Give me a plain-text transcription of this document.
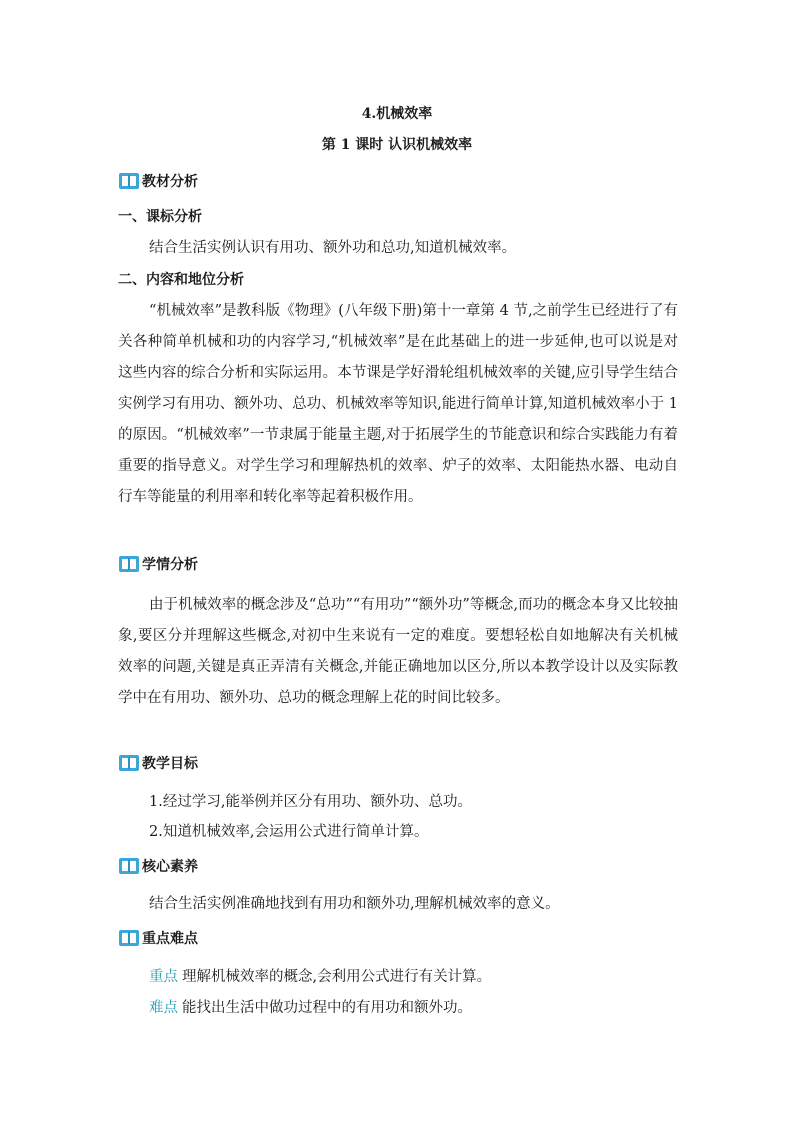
4.机械效率
第 1 课时 认识机械效率
教材分析
一、课标分析
结合生活实例认识有用功、额外功和总功,知道机械效率。
二、内容和地位分析
“机械效率”是教科版《物理》(八年级下册)第十一章第 4 节,之前学生已经进行了有关各种简单机械和功的内容学习,“机械效率”是在此基础上的进一步延伸,也可以说是对这些内容的综合分析和实际运用。本节课是学好滑轮组机械效率的关键,应引导学生结合实例学习有用功、额外功、总功、机械效率等知识,能进行简单计算,知道机械效率小于 1 的原因。“机械效率”一节隶属于能量主题,对于拓展学生的节能意识和综合实践能力有着重要的指导意义。对学生学习和理解热机的效率、炉子的效率、太阳能热水器、电动自行车等能量的利用率和转化率等起着积极作用。
学情分析
由于机械效率的概念涉及“总功”“有用功”“额外功”等概念,而功的概念本身又比较抽象,要区分并理解这些概念,对初中生来说有一定的难度。要想轻松自如地解决有关机械效率的问题,关键是真正弄清有关概念,并能正确地加以区分,所以本教学设计以及实际教学中在有用功、额外功、总功的概念理解上花的时间比较多。
教学目标
1.经过学习,能举例并区分有用功、额外功、总功。
2.知道机械效率,会运用公式进行简单计算。
核心素养
结合生活实例准确地找到有用功和额外功,理解机械效率的意义。
重点难点
重点 理解机械效率的概念,会利用公式进行有关计算。
难点 能找出生活中做功过程中的有用功和额外功。
